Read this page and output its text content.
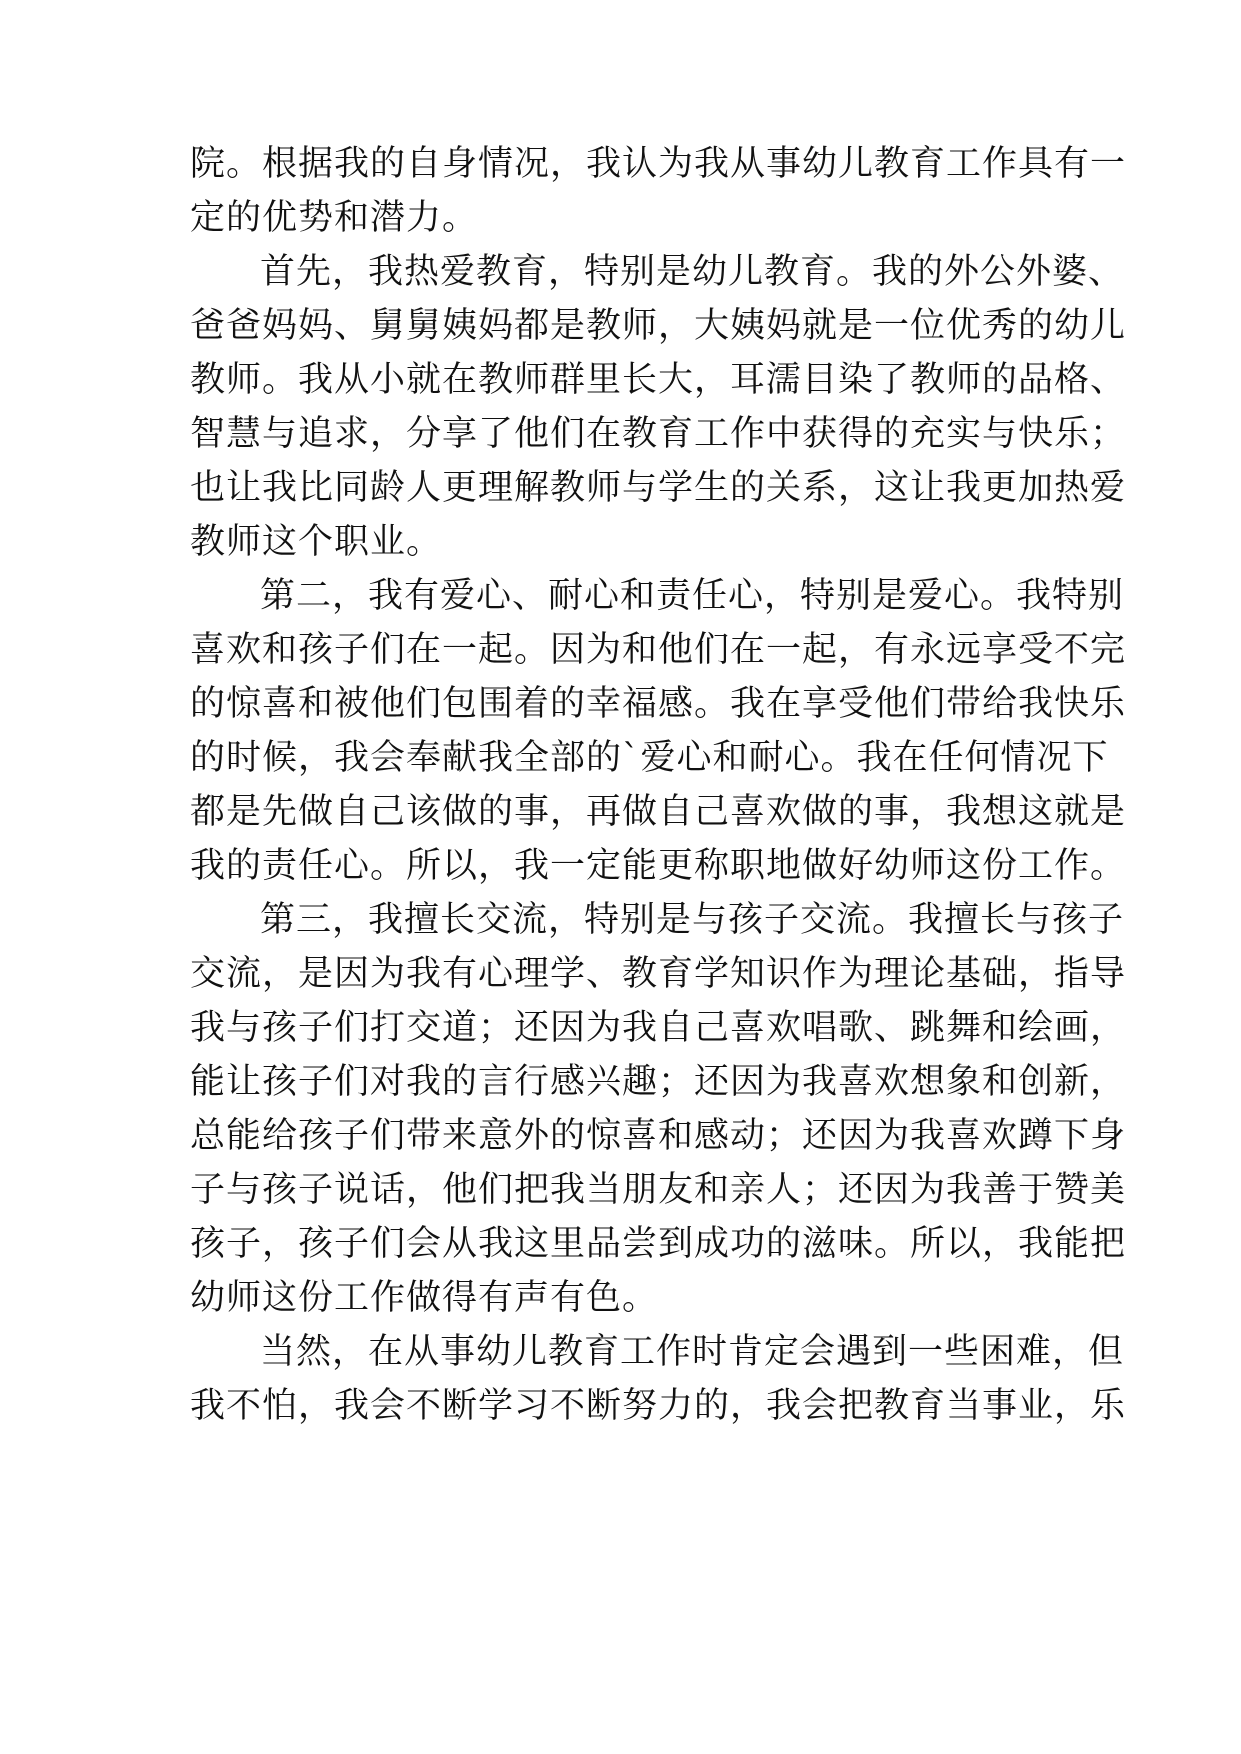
院。根据我的自身情况，我认为我从事幼儿教育工作具有一
定的优势和潜力。
首先，我热爱教育，特别是幼儿教育。我的外公外婆、
爸爸妈妈、舅舅姨妈都是教师，大姨妈就是一位优秀的幼儿
教师。我从小就在教师群里长大，耳濡目染了教师的品格、
智慧与追求，分享了他们在教育工作中获得的充实与快乐；
也让我比同龄人更理解教师与学生的关系，这让我更加热爱
教师这个职业。
第二，我有爱心、耐心和责任心，特别是爱心。我特别
喜欢和孩子们在一起。因为和他们在一起，有永远享受不完
的惊喜和被他们包围着的幸福感。我在享受他们带给我快乐
的时候，我会奉献我全部的`爱心和耐心。我在任何情况下
都是先做自己该做的事，再做自己喜欢做的事，我想这就是
我的责任心。所以，我一定能更称职地做好幼师这份工作。
第三，我擅长交流，特别是与孩子交流。我擅长与孩子
交流，是因为我有心理学、教育学知识作为理论基础，指导
我与孩子们打交道；还因为我自己喜欢唱歌、跳舞和绘画，
能让孩子们对我的言行感兴趣；还因为我喜欢想象和创新，
总能给孩子们带来意外的惊喜和感动；还因为我喜欢蹲下身
子与孩子说话，他们把我当朋友和亲人；还因为我善于赞美
孩子，孩子们会从我这里品尝到成功的滋味。所以，我能把
幼师这份工作做得有声有色。
当然，在从事幼儿教育工作时肯定会遇到一些困难，但
我不怕，我会不断学习不断努力的，我会把教育当事业，乐
